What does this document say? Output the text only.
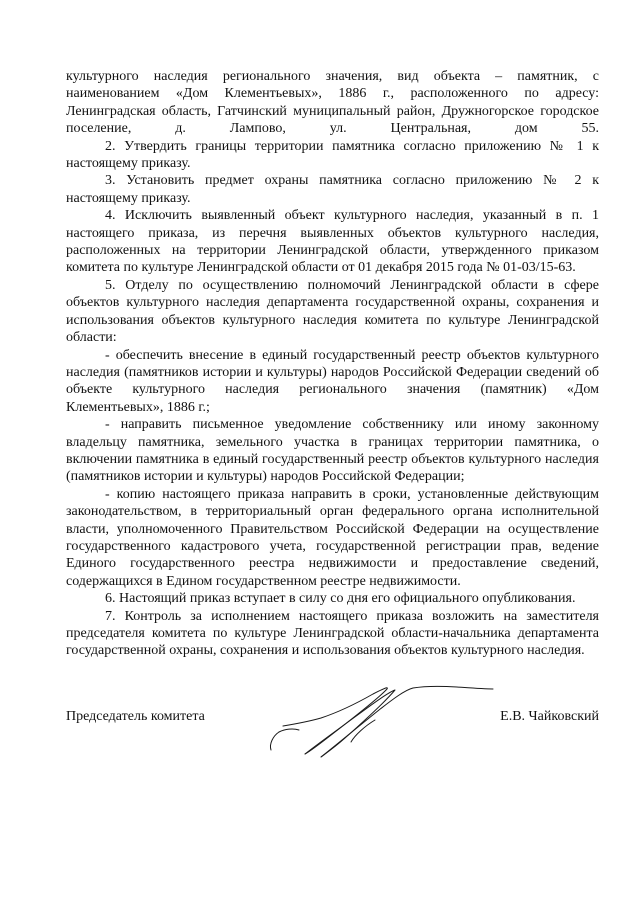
культурного наследия регионального значения, вид объекта – памятник, с наименованием «Дом Клементьевых», 1886 г., расположенного по адресу: Ленинградская область, Гатчинский муниципальный район, Дружногорское городское поселение, д. Лампово, ул. Центральная, дом 55.

2. Утвердить границы территории памятника согласно приложению № 1 к настоящему приказу.

3. Установить предмет охраны памятника согласно приложению № 2 к настоящему приказу.

4. Исключить выявленный объект культурного наследия, указанный в п. 1 настоящего приказа, из перечня выявленных объектов культурного наследия, расположенных на территории Ленинградской области, утвержденного приказом комитета по культуре Ленинградской области от 01 декабря 2015 года № 01-03/15-63.

5. Отделу по осуществлению полномочий Ленинградской области в сфере объектов культурного наследия департамента государственной охраны, сохранения и использования объектов культурного наследия комитета по культуре Ленинградской области:

- обеспечить внесение в единый государственный реестр объектов культурного наследия (памятников истории и культуры) народов Российской Федерации сведений об объекте культурного наследия регионального значения (памятник) «Дом Клементьевых», 1886 г.;

- направить письменное уведомление собственнику или иному законному владельцу памятника, земельного участка в границах территории памятника, о включении памятника в единый государственный реестр объектов культурного наследия (памятников истории и культуры) народов Российской Федерации;

- копию настоящего приказа направить в сроки, установленные действующим законодательством, в территориальный орган федерального органа исполнительной власти, уполномоченного Правительством Российской Федерации на осуществление государственного кадастрового учета, государственной регистрации прав, ведение Единого государственного реестра недвижимости и предоставление сведений, содержащихся в Едином государственном реестре недвижимости.

6. Настоящий приказ вступает в силу со дня его официального опубликования.

7. Контроль за исполнением настоящего приказа возложить на заместителя председателя комитета по культуре Ленинградской области-начальника департамента государственной охраны, сохранения и использования объектов культурного наследия.

Председатель комитета	Е.В. Чайковский
